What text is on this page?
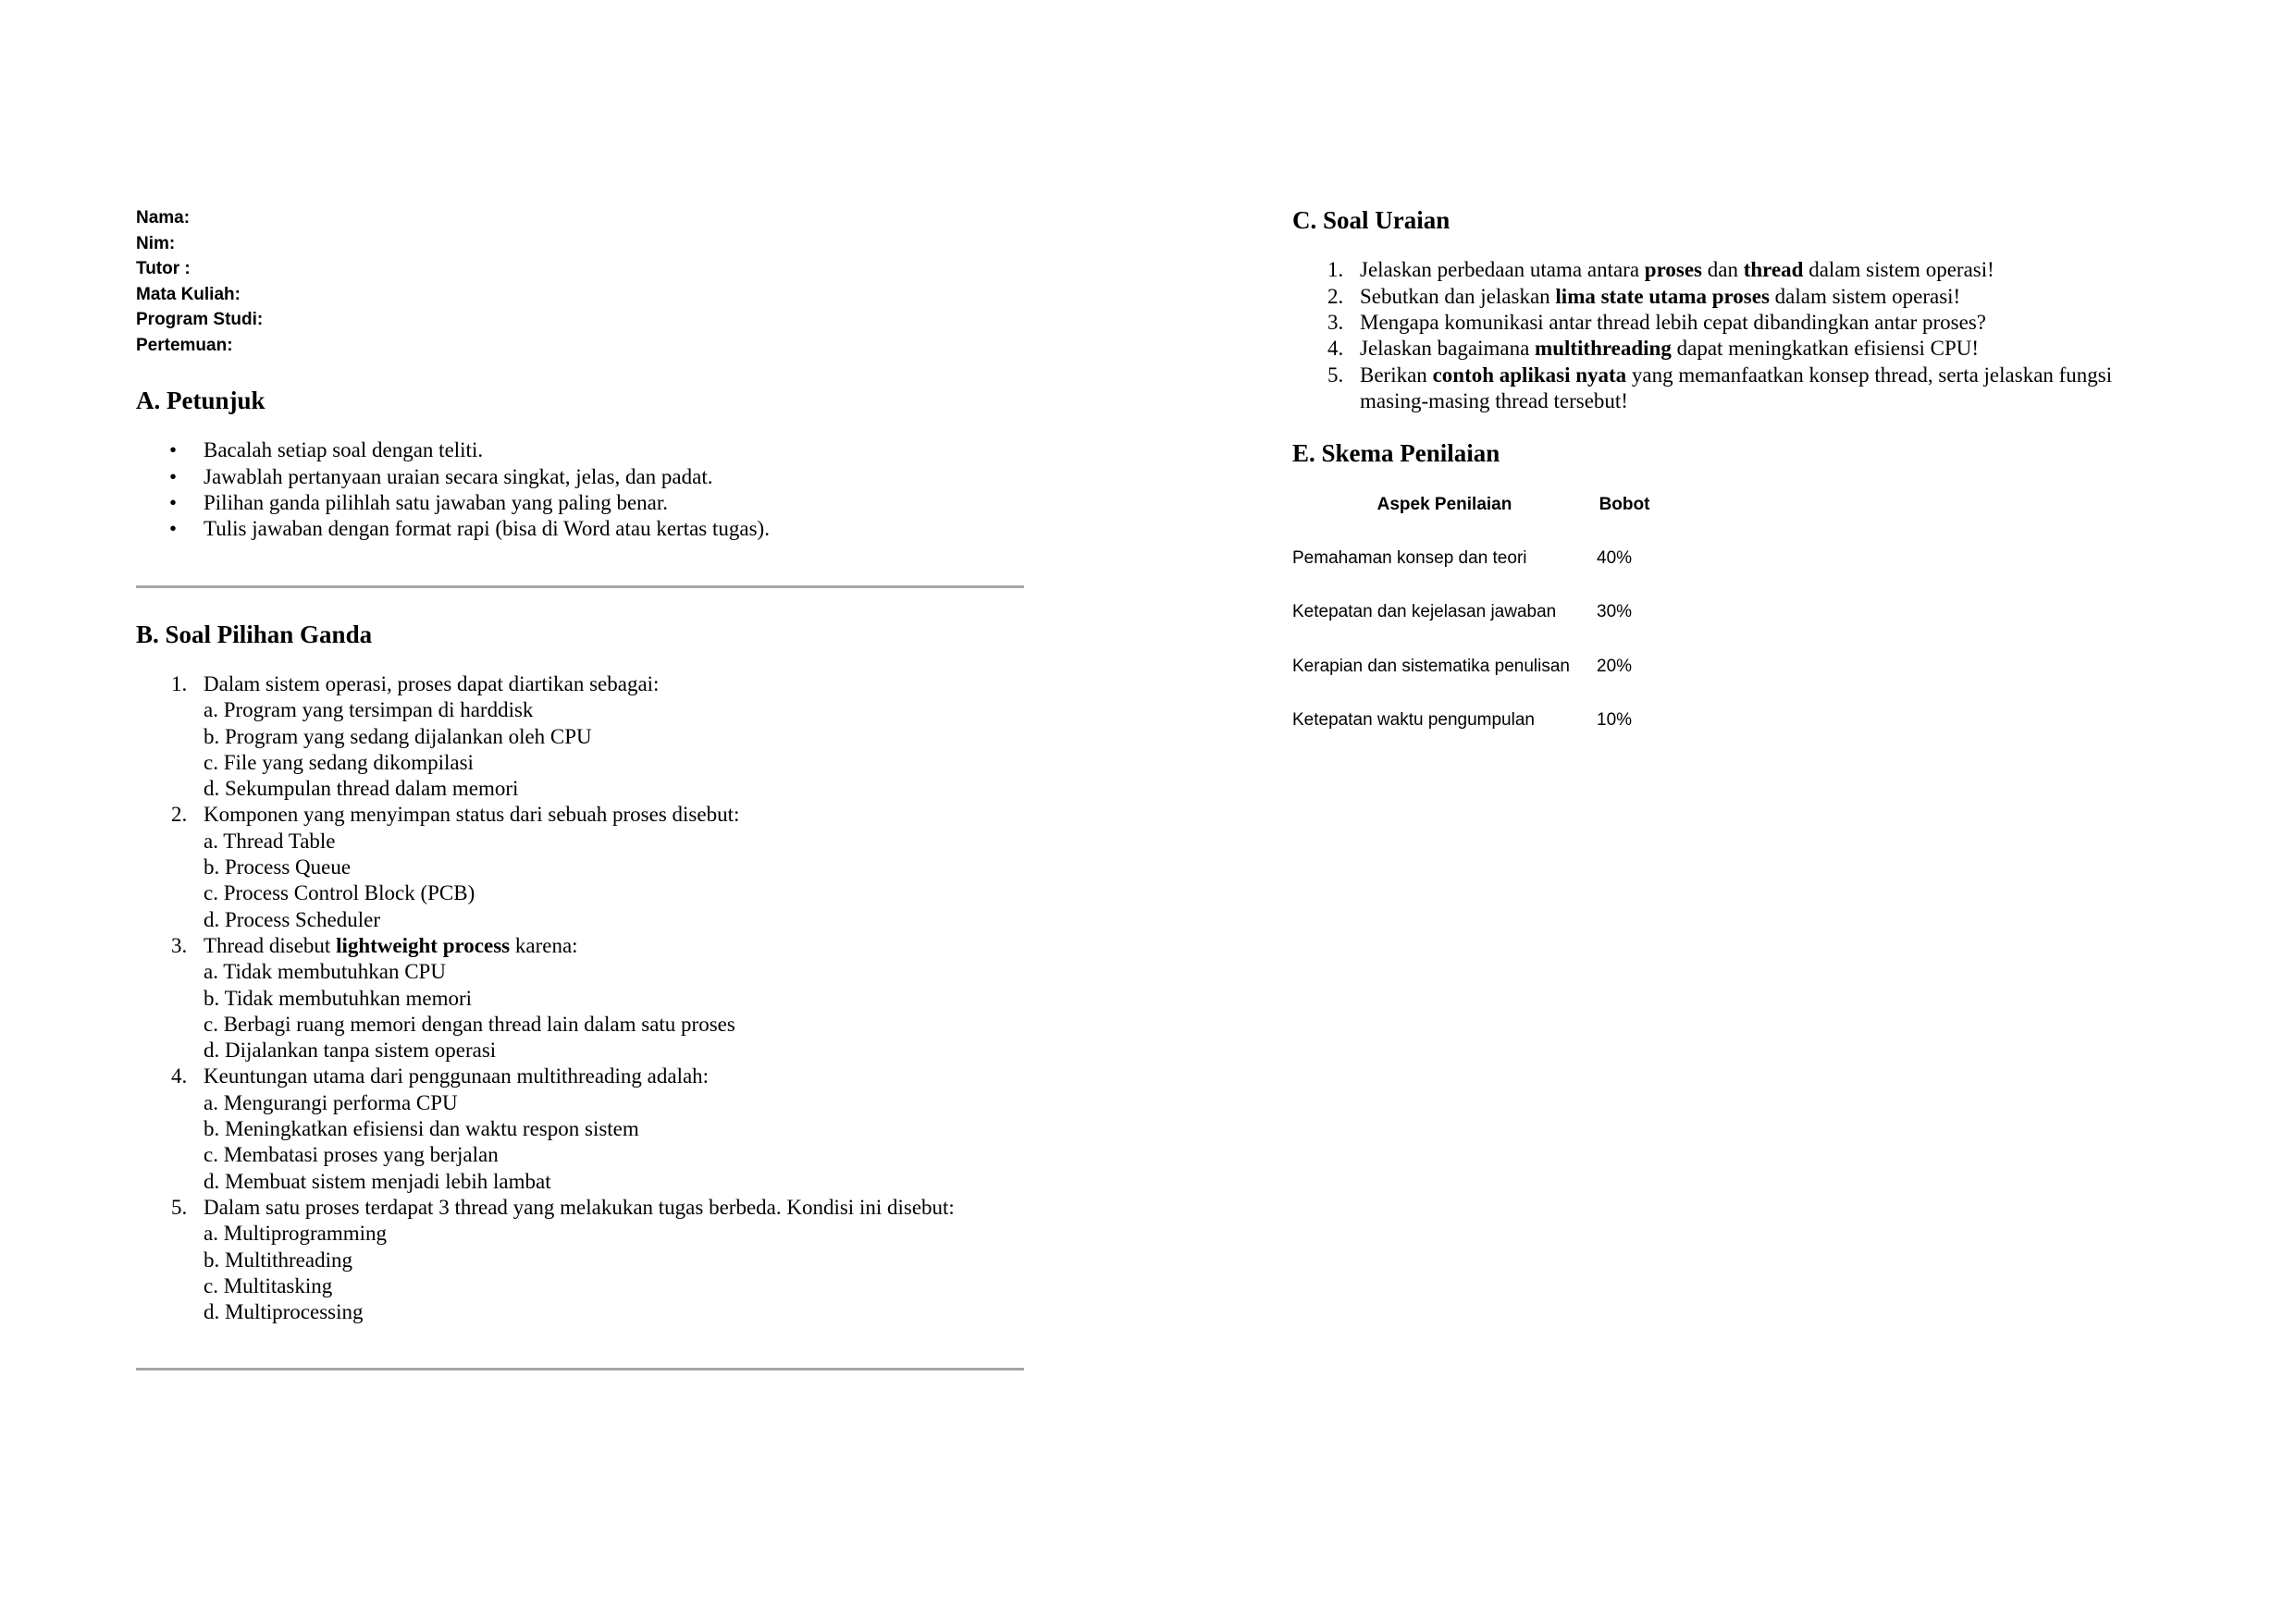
Nama:
Nim:
Tutor :
Mata Kuliah:
Program Studi:
Pertemuan:
A. Petunjuk
• Bacalah setiap soal dengan teliti.
• Jawablah pertanyaan uraian secara singkat, jelas, dan padat.
• Pilihan ganda pilihlah satu jawaban yang paling benar.
• Tulis jawaban dengan format rapi (bisa di Word atau kertas tugas).
B. Soal Pilihan Ganda
1. Dalam sistem operasi, proses dapat diartikan sebagai:
a. Program yang tersimpan di harddisk
b. Program yang sedang dijalankan oleh CPU
c. File yang sedang dikompilasi
d. Sekumpulan thread dalam memori
2. Komponen yang menyimpan status dari sebuah proses disebut:
a. Thread Table
b. Process Queue
c. Process Control Block (PCB)
d. Process Scheduler
3. Thread disebut lightweight process karena:
a. Tidak membutuhkan CPU
b. Tidak membutuhkan memori
c. Berbagi ruang memori dengan thread lain dalam satu proses
d. Dijalankan tanpa sistem operasi
4. Keuntungan utama dari penggunaan multithreading adalah:
a. Mengurangi performa CPU
b. Meningkatkan efisiensi dan waktu respon sistem
c. Membatasi proses yang berjalan
d. Membuat sistem menjadi lebih lambat
5. Dalam satu proses terdapat 3 thread yang melakukan tugas berbeda. Kondisi ini disebut:
a. Multiprogramming
b. Multithreading
c. Multitasking
d. Multiprocessing
C. Soal Uraian
1. Jelaskan perbedaan utama antara proses dan thread dalam sistem operasi!
2. Sebutkan dan jelaskan lima state utama proses dalam sistem operasi!
3. Mengapa komunikasi antar thread lebih cepat dibandingkan antar proses?
4. Jelaskan bagaimana multithreading dapat meningkatkan efisiensi CPU!
5. Berikan contoh aplikasi nyata yang memanfaatkan konsep thread, serta jelaskan fungsi
masing-masing thread tersebut!
E. Skema Penilaian
Aspek Penilaian	Bobot
Pemahaman konsep dan teori	40%
Ketepatan dan kejelasan jawaban	30%
Kerapian dan sistematika penulisan	20%
Ketepatan waktu pengumpulan	10%
